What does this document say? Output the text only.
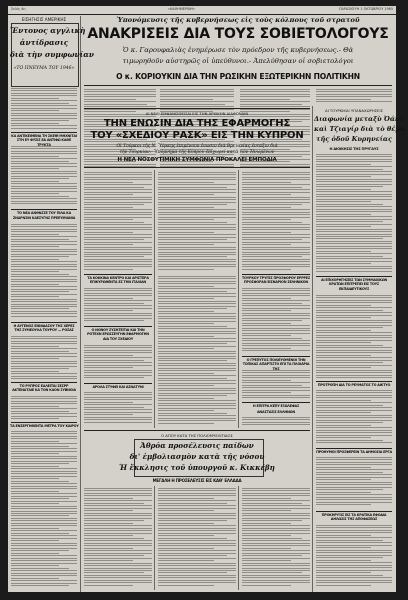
Σελὶς 4η	«ΚΑΘΗΜΕΡΙΝΗ»	ΠΑΡΑΣΚΕΥΗ 1 ΟΚΤΩΒΡΙΟΥ 1965

Ὑπονόμευσις τῆς κυβερνήσεως εἰς τοὺς κόλπους τοῦ στρατοῦ

ΑΝΑΚΡΙΣΕΙΣ ΔΙΑ ΤΟΥΣ ΣΟΒΙΕΤΟΛΟΓΟΥΣ

Ὁ κ. Γαρουφαλιὰς ἐνημέρωσε τὸν πρόεδρον τῆς κυβερνήσεως.- Θὰ

τιμωρηθοῦν αὐστηρῶς οἱ ὑπεύθυνοι.- Ἀπελύθησαν οἱ σοβιετολόγοι

Ο κ. ΚΟΡΙΟΥΚΙΝ ΔΙΑ ΤΗΝ ΡΩΣΙΚΗΝ ΕΞΩΤΕΡΙΚΗΝ ΠΟΛΙΤΙΚΗΝ

ΕΙΣΗΓΗΣΙΣ ΑΜΕΡΙΚΗΣ

Ἔντονος αγγλικὴ

ἀντίδρασις

διὰ τὴν συμφωνίαν

«ΤΟ ΠΝΕΥΜΑ ΤΟΥ 1946»

ΚΑ ΑΝΤΙΚΕΙΜΕΝΑ ΤΗ ΣΚΕΨΙ ΜΗΧΝΙΤΑΙ ΣΤΗ ΕΥ ΦΥΣΙΣ ΕΔ ΑΝΤΙΦΩ ΚΑΘΕ ΤΡΥΚΤΑ

ΤΟ ΝΕΑ ΑΝΘΝΣΣΕ ΤΟΥ ΠΙΛΑ ΚΑ

ΖΝΑΡΝΣΙΝ ΚΑΕΣΥΓΝΣ ΠΡΕΕΥΙΜΑΝΙΑ

Η ΑΥΓΕΝΟΣ ΕΝΝΙΔΑΣΟΥ ΤΗΣ ΧΕΡΕΣ ΤΗΣ ΣΥΜΕΟΥΛΑ ΤΟΥΡΟΥ — ΡΟΣΑΣ

ΤΟ ΡΥΠΡΟΣ ΕΑΛΕΙΤΑΙ ΣΕΣΡΡ ΑΚΤΕΝΑΤΑΙΕ ΚΑ ΤΟΝ ΚΑΟΝ ΣΥΒΝΟΙΑ

ΤΑ ΕΝΣΕΡΓΗΘΕΝΤΑ ΜΕΤΡΑ ΤΟΥ ΚΑΙΡΟΥ

ΑΙ ΝΕΑΙ ΕΜΦΑΝΙΣΘΕΙΣΑΙ ΕΙΣ ΤΗΝ ΑΡΧΙΚΗΝ ΔΙΑΦΩΝΙΑΝ

ΤΗΝ ΕΝΩΣΙΝ ΔΙΑ ΤΗΣ ΕΦΑΡΜΟΓΗΣ

ΤΟΥ «ΣΧΕΔΙΟΥ ΡΑΣΚ» ΕΙΣ ΤΗΝ ΚΥΠΡΟΝ

Οἱ Τοῦρκοι τῆς Ν. Ὑόρκης ἐπιμένουν ἐνωσιν διὰ Βρετανίας ἐνταξιν διὰ

τὴν Τουρκίαν.- Ὑπόμνημα τῆς Κύπρου ἐπιχωρεῖ κατὰ τῶν Ἠνωμένων

Η ΝΕΑ ΝΟΣΘΥΤΙΜΙΚΗ ΣΥΜΦΩΝΙΑ ΠΡΟΚΑΛΕΙ ΕΜΠΟΔΙΑ

ΤΑ ΚΟΚΚΙΝΑ ΚΕΝΤΡΟ ΚΑΙ ΑΡΙΣΤΕΡΑ ΕΠΙΚΥΡΩΘΕΝΤΑ ΕΣ ΤΗΝ ΙΤΑΛΙΑΝ

Ο ΝΟΝΟΥ ΣΥΖΗΤΕΙΤΑΙ ΚΑΙ ΤΗΝ ΡΟΤΕΧΝ ΕΡΩΣΣΕΥΓΗΝ ΕΦΑΡΜΟΓΗΝ ΔΙΑ ΤΟΥ ΣΧΕΔΙΟΥ

ΑΡΟΛΑ ΣΤΥΦΕΙ ΚΑΙ ΑΣΝΑΤΥΝΙ

ΤΟΥΡΚΟΥ ΤΡΥΓΕΣ ΠΡΟΣΦΟΡΟΥ ΕΡΡΡΕΣ ΠΡΟΣΦΟΡΑΝ ΕΙΣΝΑΡΙΟΝ ΣΕΛΗΝΙΚΟΝ

Ο ΓΡΕΠΥΤΟΣ ΠΟΛΙΕΥΟΜΕΝΟΙ ΤΗΝ ΤΟΠΙΚΑΣ ΑΠΑΡΤΙΣΤΟ ΕΠΙ ΤΑ ΠΛΟΙΑΡΙΑ ΤΗΣ

Η ΕΠΙΤΡΑ ΚΕΠΥ ΕΞΩΛΕΦΑΣ

ΑΝΑΣΤΑΣΙΣ ΕΛΛΗΝΩΝ

ΑΙ ΤΟΥΡΚΙΚΑΙ ΥΠΑΝΑΧΩΡΗΣΕΙΣ

Διαφωνία μεταξὺ Ὀάντ

καὶ Τζιαγίρ διὰ τὸ θέμα

τῆς ὁδοῦ Κυρηνείας

Η ΔΙΟΙΚΗΣΙΣ ΤΗΣ ΠΡΥΓΑΥΣ

ΑΙ ΕΠΙΧΟΡΗΓΗΣΕΙΣ ΤΩΝ ΣΥΜΜΑΧΙΚΩΝ ΚΡΑΤΩΝ ΕΠΙΤΡΕΠΕΙ ΕΙΣ ΤΟΥΣ ΕΚΠΑΙΔΕΥΤΙΚΟΥΣ

ΠΡΟΤΡΟΠΗ ΔΙΑ ΤΟ ΡΕΥΜΑΤΟΣ ΤΟ ΔΙΚΤΥΟ

ΠΡΟΘΥΜΟΙ ΠΡΟΣΦΕΡΕΙΝ ΤΑ ΔΗΜΟΣΙΑ ΕΡΓΑ

ΠΡΟΚΗΡΥΞΙΣ ΕΙΣ ΤΑ ΚΡΑΤΙΚΑ ΕΦΟΔΙΑ ΔΗΛΩΣΙΣ ΤΗΣ ΑΠΟΦΑΣΕΩΣ

Ο ΑΠΟΥ ΚΑΤΑ ΤΗΣ ΠΟΛΙΟΜΥΕΛΙΤΙΔΟΣ

Ἀθρόα προσέλευσις παίδων

δι' ἐμβολιασμὸν κατὰ τῆς νόσου

Ἡ ἔκκλησις τοῦ ὑπουργοῦ κ. Κικκέβη

ΜΕΓΑΛΗ Η ΠΡΟΣΕΛΕΥΣΙΣ ΕΙΣ ΚΑΘ' ΕΛΛΑΔΑ
